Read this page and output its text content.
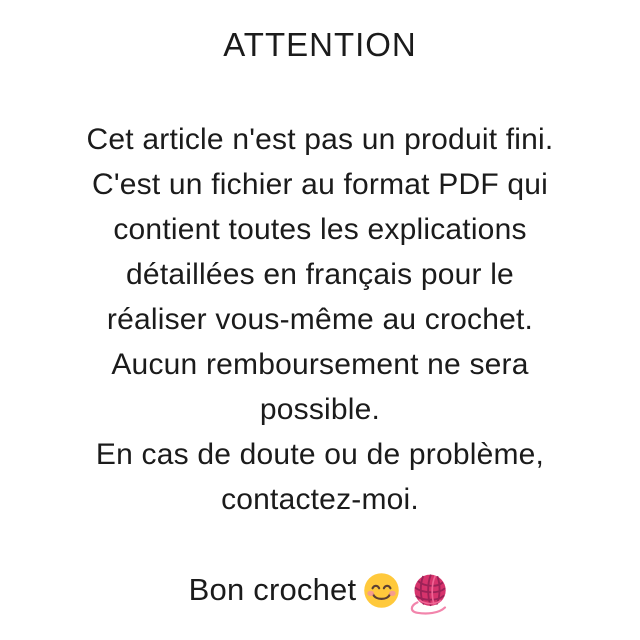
ATTENTION

Cet article n'est pas un produit fini.

C'est un fichier au format PDF qui

contient toutes les explications

détaillées en français pour le

réaliser vous-même au crochet.

Aucun remboursement ne sera

possible.

En cas de doute ou de problème,

contactez-moi.

Bon crochet
